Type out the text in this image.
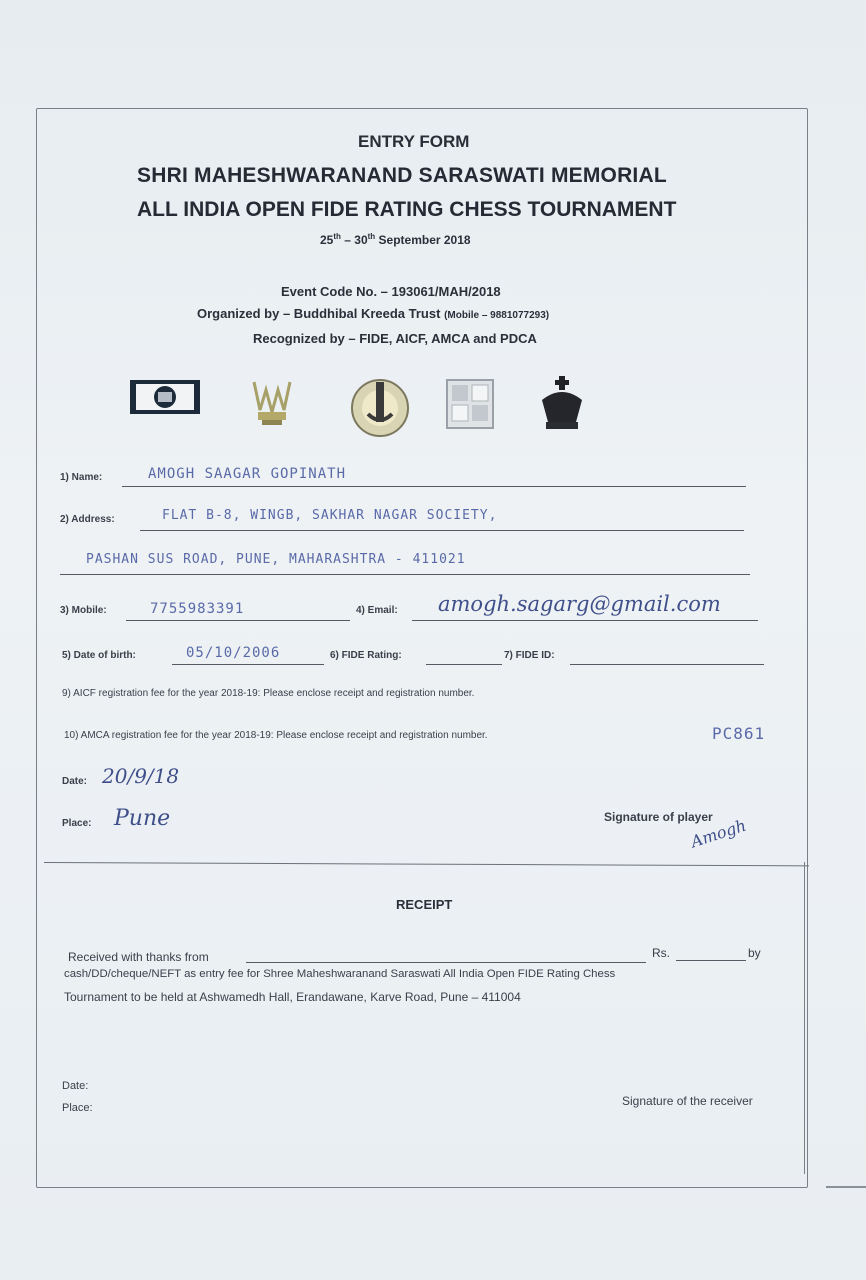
ENTRY FORM
SHRI MAHESHWARANAND SARASWATI MEMORIAL
ALL INDIA OPEN FIDE RATING CHESS TOURNAMENT
25th – 30th September 2018
Event Code No. – 193061/MAH/2018
Organized by – Buddhibal Kreeda Trust (Mobile – 9881077293)
Recognized by – FIDE, AICF, AMCA and PDCA
1) Name:	AMOGH SAAGAR GOPINATH
2) Address:	FLAT B-8, WINGB, SAKHAR NAGAR SOCIETY,
PASHAN SUS ROAD, PUNE, MAHARASHTRA - 411021
3) Mobile:	7755983391	4) Email: amogh.sagarg@gmail.com
5) Date of birth:	05/10/2006	6) FIDE Rating:	7) FIDE ID:
9) AICF registration fee for the year 2018-19: Please enclose receipt and registration number.
10) AMCA registration fee for the year 2018-19: Please enclose receipt and registration number.	PC861
Date: 20/9/18
Place: Pune	Signature of player
Amogh
RECEIPT
Received with thanks from	Rs.	by
cash/DD/cheque/NEFT as entry fee for Shree Maheshwaranand Saraswati All India Open FIDE Rating Chess
Tournament to be held at Ashwamedh Hall, Erandawane, Karve Road, Pune – 411004
Date:
Place:	Signature of the receiver
